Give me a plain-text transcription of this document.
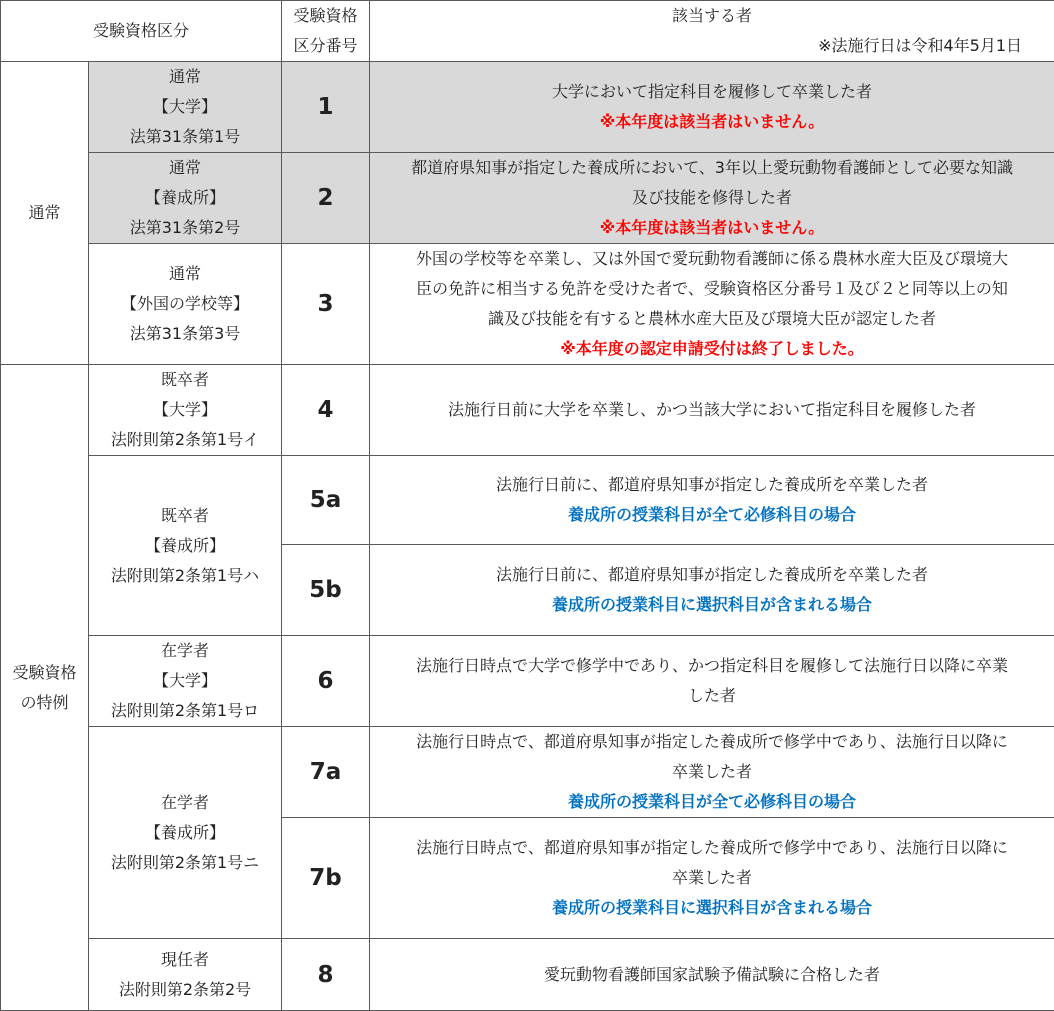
受験資格区分		受験資格
区分番号	該当する者
※法施行日は令和4年5月1日

通常	通常
【大学】
法第31条第1号	1	大学において指定科目を履修して卒業した者
※本年度は該当者はいません。

	通常
【養成所】
法第31条第2号	2	都道府県知事が指定した養成所において、3年以上愛玩動物看護師として必要な知識
及び技能を修得した者
※本年度は該当者はいません。

	通常
【外国の学校等】
法第31条第3号	3	外国の学校等を卒業し、又は外国で愛玩動物看護師に係る農林水産大臣及び環境大
臣の免許に相当する免許を受けた者で、受験資格区分番号１及び２と同等以上の知
識及び技能を有すると農林水産大臣及び環境大臣が認定した者
※本年度の認定申請受付は終了しました。

受験資格
の特例	既卒者
【大学】
法附則第2条第1号イ	4	法施行日前に大学を卒業し、かつ当該大学において指定科目を履修した者

	既卒者
【養成所】
法附則第2条第1号ハ	5a	法施行日前に、都道府県知事が指定した養成所を卒業した者
養成所の授業科目が全て必修科目の場合

		5b	法施行日前に、都道府県知事が指定した養成所を卒業した者
養成所の授業科目に選択科目が含まれる場合

	在学者
【大学】
法附則第2条第1号ロ	6	法施行日時点で大学で修学中であり、かつ指定科目を履修して法施行日以降に卒業
した者

	在学者
【養成所】
法附則第2条第1号ニ	7a	法施行日時点で、都道府県知事が指定した養成所で修学中であり、法施行日以降に
卒業した者
養成所の授業科目が全て必修科目の場合

		7b	法施行日時点で、都道府県知事が指定した養成所で修学中であり、法施行日以降に
卒業した者
養成所の授業科目に選択科目が含まれる場合

	現任者
法附則第2条第2号	8	愛玩動物看護師国家試験予備試験に合格した者
